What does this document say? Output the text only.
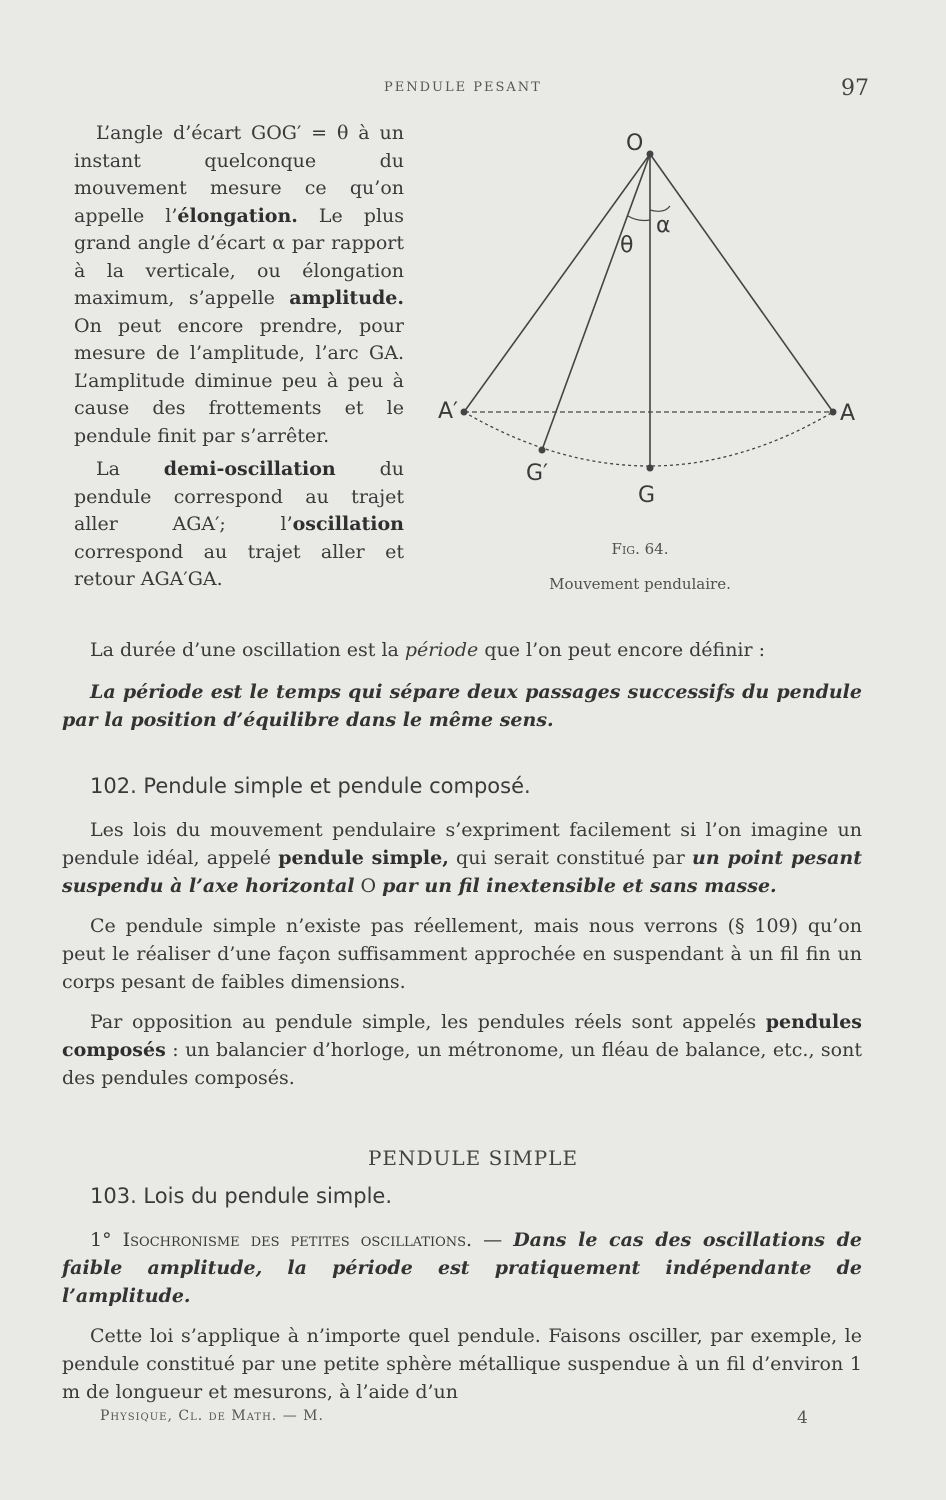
PENDULE PESANT	97

L’angle d’écart GOG′ = θ à un instant quelconque du mouvement mesure ce qu’on appelle l’élongation. Le plus grand angle d’écart α par rapport à la verticale, ou élongation maximum, s’appelle amplitude. On peut encore prendre, pour mesure de l’amplitude, l’arc GA. L’amplitude diminue peu à peu à cause des frottements et le pendule finit par s’arrêter.

La demi-oscillation du pendule correspond au trajet aller AGA′; l’oscillation correspond au trajet aller et retour AGA′GA.

O
α
θ
A′	A
G′
G
Fig. 64.
Mouvement pendulaire.

La durée d’une oscillation est la période que l’on peut encore définir :

La période est le temps qui sépare deux passages successifs du pendule par la position d’équilibre dans le même sens.

102. Pendule simple et pendule composé.

Les lois du mouvement pendulaire s’expriment facilement si l’on imagine un pendule idéal, appelé pendule simple, qui serait constitué par un point pesant suspendu à l’axe horizontal O par un fil inextensible et sans masse.

Ce pendule simple n’existe pas réellement, mais nous verrons (§ 109) qu’on peut le réaliser d’une façon suffisamment approchée en suspendant à un fil fin un corps pesant de faibles dimensions.

Par opposition au pendule simple, les pendules réels sont appelés pendules composés : un balancier d’horloge, un métronome, un fléau de balance, etc., sont des pendules composés.

PENDULE SIMPLE
103. Lois du pendule simple.

1° Isochronisme des petites oscillations. — Dans le cas des oscillations de faible amplitude, la période est pratiquement indépendante de l’amplitude.

Cette loi s’applique à n’importe quel pendule. Faisons osciller, par exemple, le pendule constitué par une petite sphère métallique suspendue à un fil d’environ 1 m de longueur et mesurons, à l’aide d’un

Physique, Cl. de Math. — M.	4
